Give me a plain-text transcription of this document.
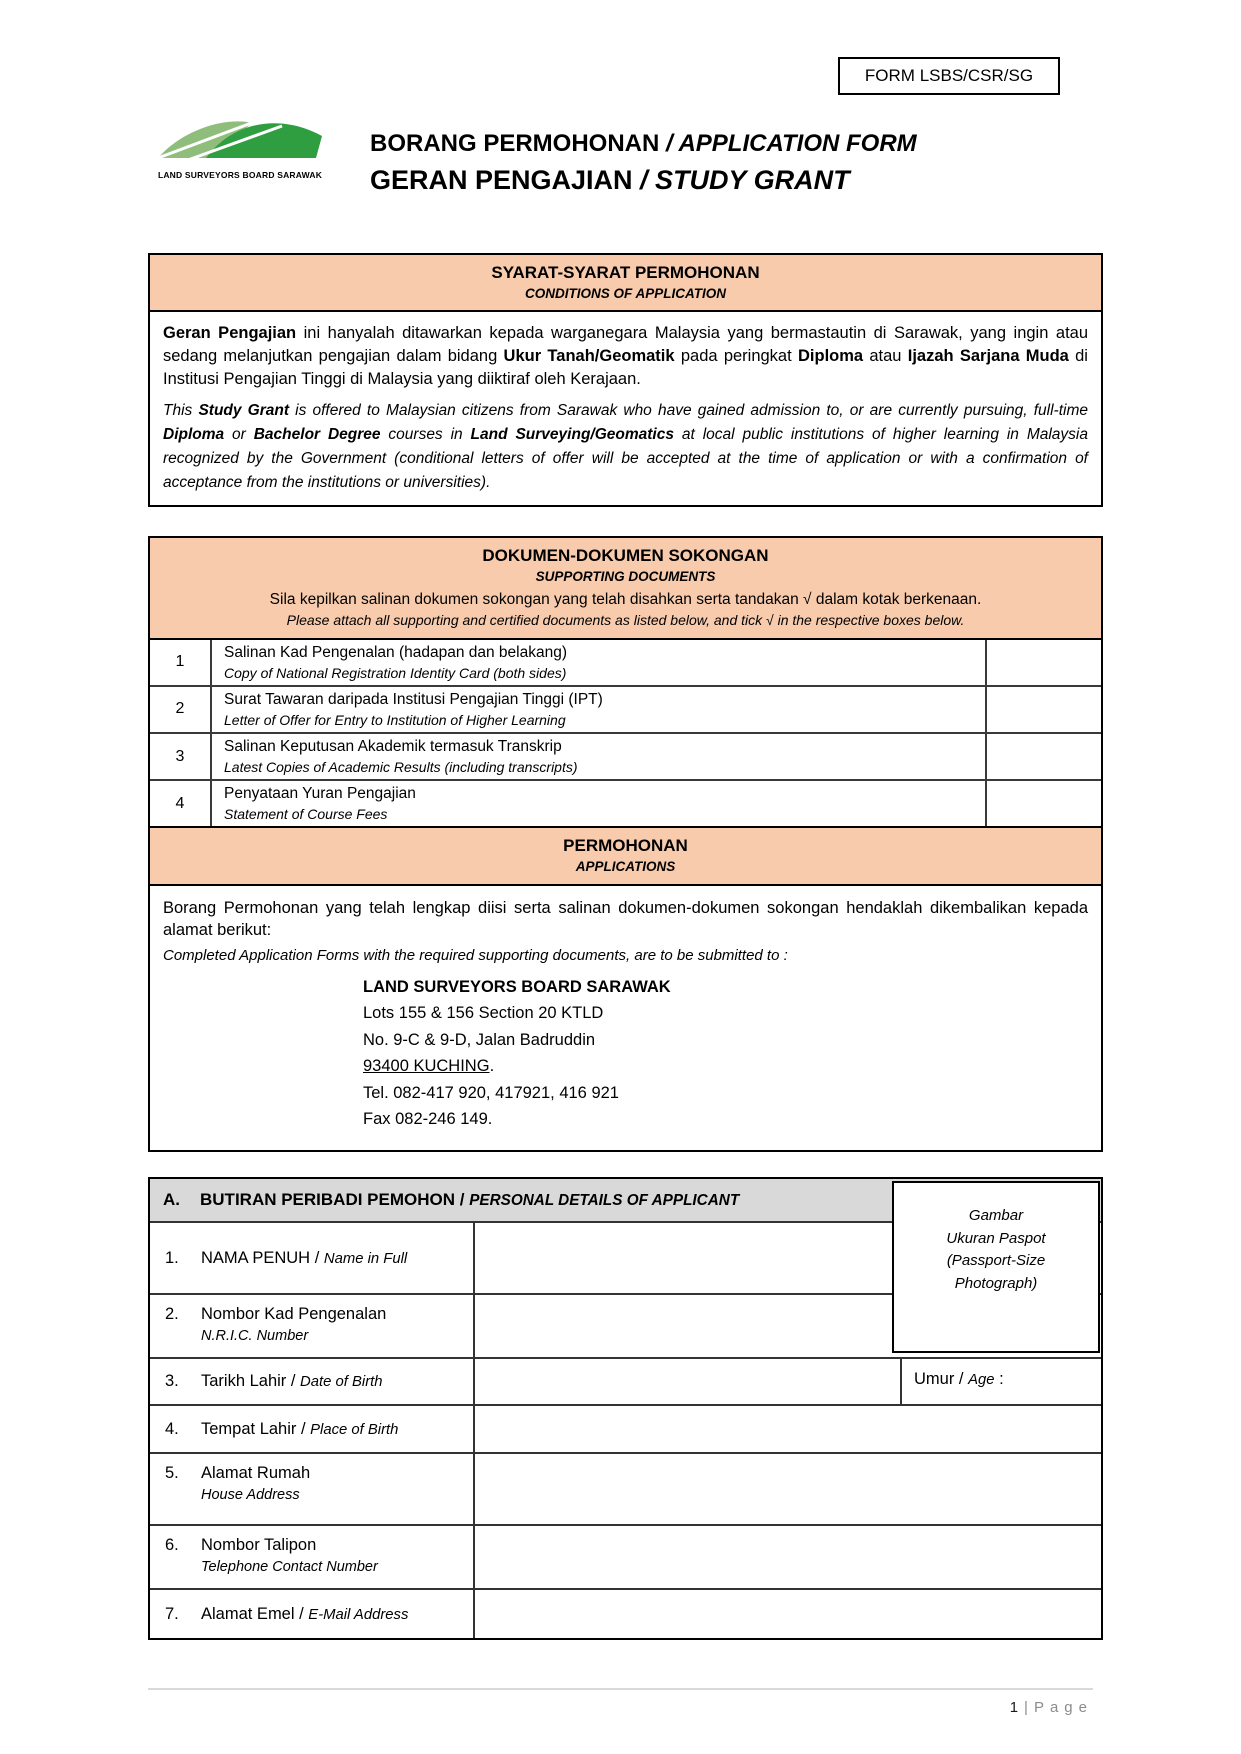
FORM LSBS/CSR/SG
LAND SURVEYORS BOARD SARAWAK
BORANG PERMOHONAN / APPLICATION FORM
GERAN PENGAJIAN / STUDY GRANT
SYARAT-SYARAT PERMOHONAN
CONDITIONS OF APPLICATION
Geran Pengajian ini hanyalah ditawarkan kepada warganegara Malaysia yang bermastautin di Sarawak, yang ingin atau sedang melanjutkan pengajian dalam bidang Ukur Tanah/Geomatik pada peringkat Diploma atau Ijazah Sarjana Muda di Institusi Pengajian Tinggi di Malaysia yang diiktiraf oleh Kerajaan.
This Study Grant is offered to Malaysian citizens from Sarawak who have gained admission to, or are currently pursuing, full-time Diploma or Bachelor Degree courses in Land Surveying/Geomatics at local public institutions of higher learning in Malaysia recognized by the Government (conditional letters of offer will be accepted at the time of application or with a confirmation of acceptance from the institutions or universities).
DOKUMEN-DOKUMEN SOKONGAN
SUPPORTING DOCUMENTS
Sila kepilkan salinan dokumen sokongan yang telah disahkan serta tandakan √ dalam kotak berkenaan.
Please attach all supporting and certified documents as listed below, and tick √ in the respective boxes below.
1
Salinan Kad Pengenalan (hadapan dan belakang)
Copy of National Registration Identity Card (both sides)
2
Surat Tawaran daripada Institusi Pengajian Tinggi (IPT)
Letter of Offer for Entry to Institution of Higher Learning
3
Salinan Keputusan Akademik termasuk Transkrip
Latest Copies of Academic Results (including transcripts)
4
Penyataan Yuran Pengajian
Statement of Course Fees
PERMOHONAN
APPLICATIONS
Borang Permohonan yang telah lengkap diisi serta salinan dokumen-dokumen sokongan hendaklah dikembalikan kepada alamat berikut:
Completed Application Forms with the required supporting documents, are to be submitted to :
LAND SURVEYORS BOARD SARAWAK
Lots 155 & 156 Section 20 KTLD
No. 9-C & 9-D, Jalan Badruddin
93400 KUCHING.
Tel. 082-417 920, 417921, 416 921
Fax 082-246 149.
A.	BUTIRAN PERIBADI PEMOHON / PERSONAL DETAILS OF APPLICANT
Gambar
Ukuran Paspot
(Passport-Size
Photograph)
1.	NAMA PENUH / Name in Full
2.	Nombor Kad Pengenalan
N.R.I.C. Number
3.	Tarikh Lahir / Date of Birth	Umur / Age :
4.	Tempat Lahir / Place of Birth
5.	Alamat Rumah
House Address
6.	Nombor Talipon
Telephone Contact Number
7.	Alamat Emel / E-Mail Address
1 | Page
